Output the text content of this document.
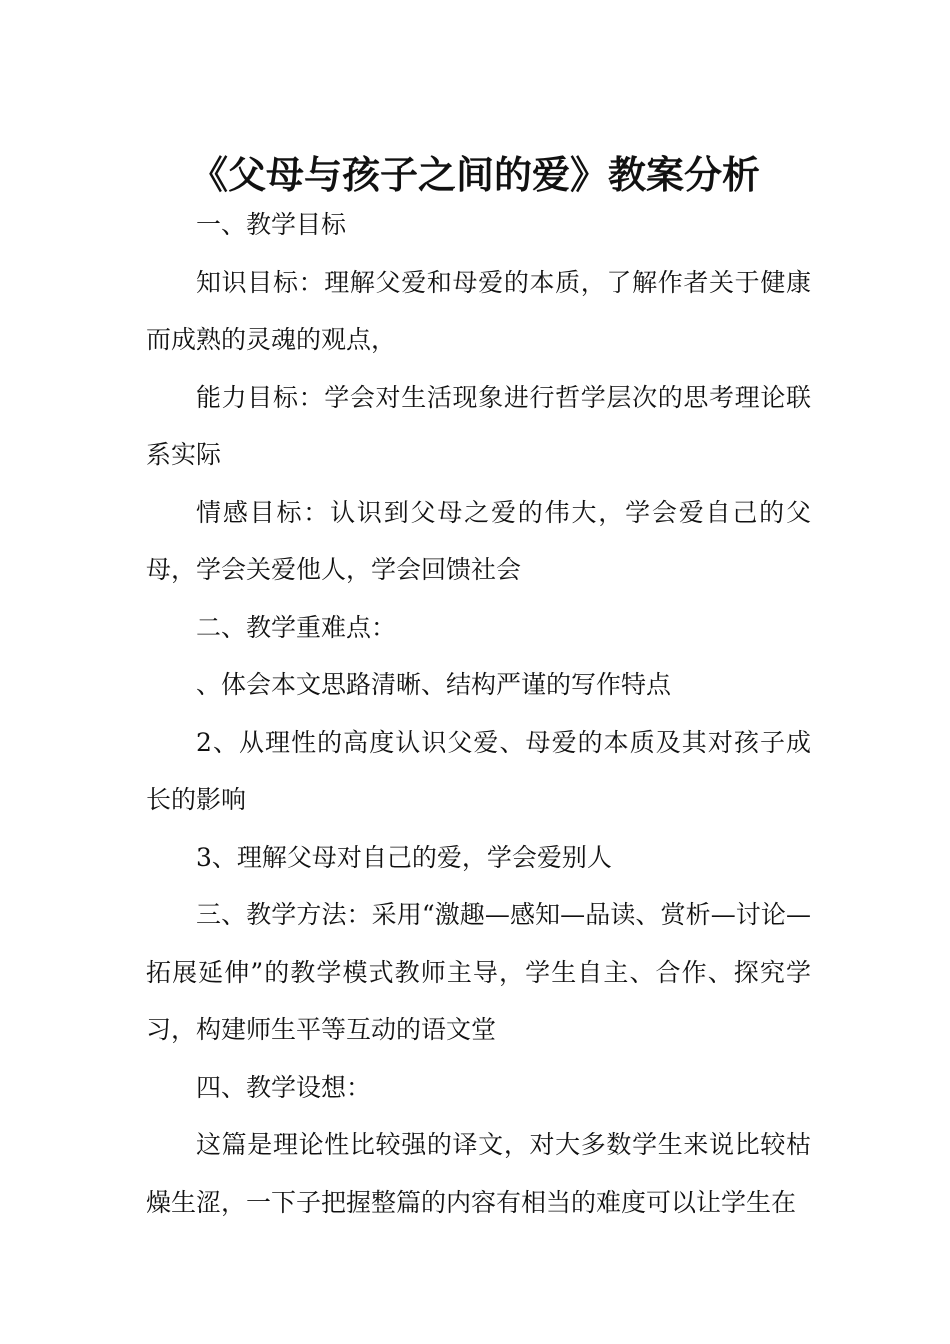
《父母与孩子之间的爱》教案分析

一、教学目标

知识目标：理解父爱和母爱的本质，了解作者关于健康而成熟的灵魂的观点，

能力目标：学会对生活现象进行哲学层次的思考理论联系实际

情感目标：认识到父母之爱的伟大，学会爱自己的父母，学会关爱他人，学会回馈社会

二、教学重难点：

、体会本文思路清晰、结构严谨的写作特点

2、从理性的高度认识父爱、母爱的本质及其对孩子成长的影响

3、理解父母对自己的爱，学会爱别人

三、教学方法：采用“激趣—感知—品读、赏析—讨论—拓展延伸”的教学模式教师主导，学生自主、合作、探究学习，构建师生平等互动的语文堂

四、教学设想：

这篇是理论性比较强的译文，对大多数学生来说比较枯燥生涩，一下子把握整篇的内容有相当的难度可以让学生在
